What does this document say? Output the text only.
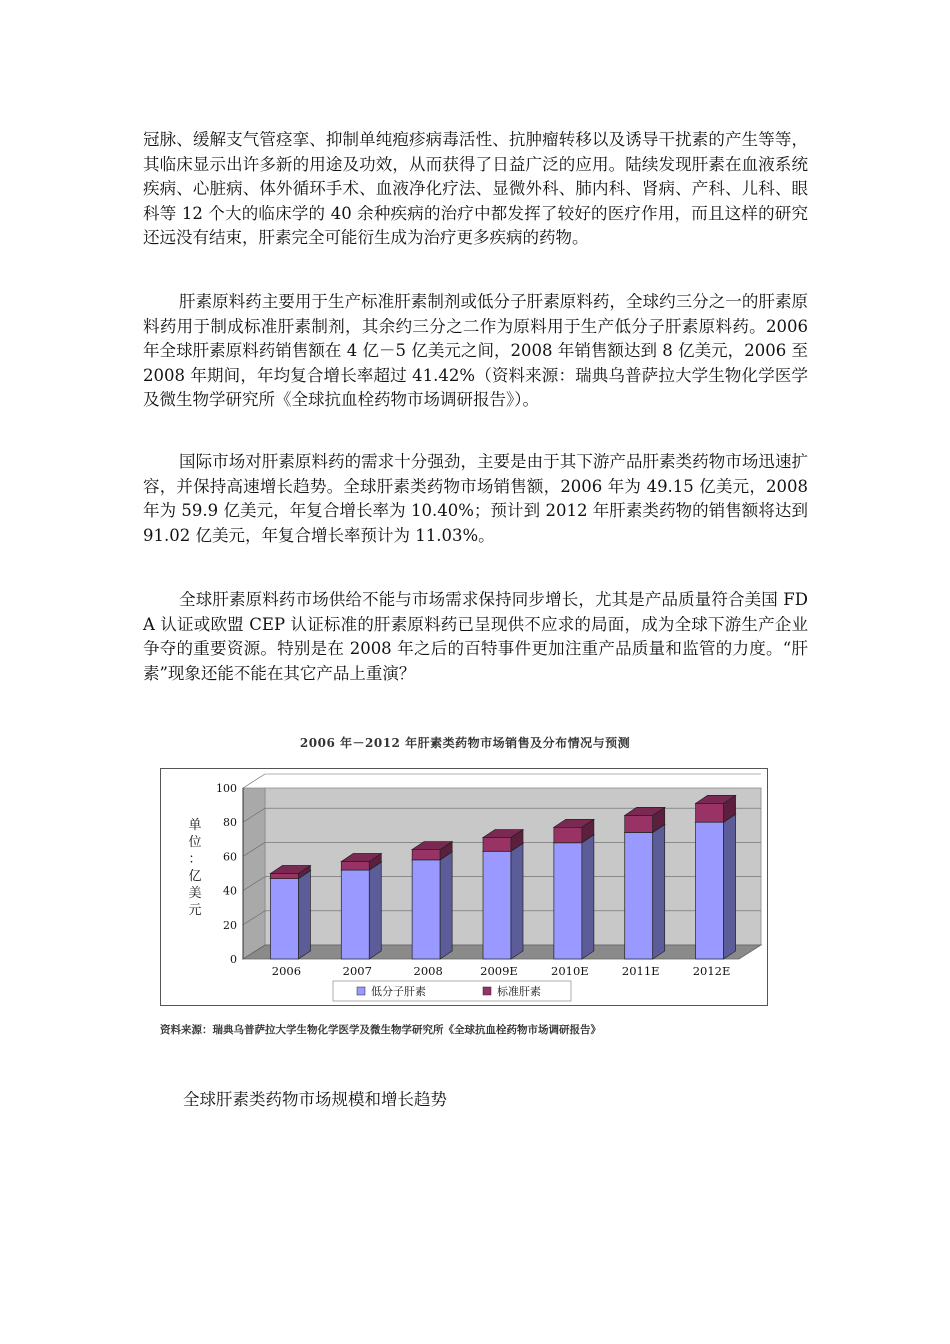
冠脉、缓解支气管痉挛、抑制单纯疱疹病毒活性、抗肿瘤转移以及诱导干扰素的产生等等，其临床显示出许多新的用途及功效，从而获得了日益广泛的应用。陆续发现肝素在血液系统疾病、心脏病、体外循环手术、血液净化疗法、显微外科、肺内科、肾病、产科、儿科、眼科等 12 个大的临床学的 40 余种疾病的治疗中都发挥了较好的医疗作用，而且这样的研究还远没有结束，肝素完全可能衍生成为治疗更多疾病的药物。

肝素原料药主要用于生产标准肝素制剂或低分子肝素原料药，全球约三分之一的肝素原料药用于制成标准肝素制剂，其余约三分之二作为原料用于生产低分子肝素原料药。2006 年全球肝素原料药销售额在 4 亿－5 亿美元之间，2008 年销售额达到 8 亿美元，2006 至 2008 年期间，年均复合增长率超过 41.42%（资料来源：瑞典乌普萨拉大学生物化学医学及微生物学研究所《全球抗血栓药物市场调研报告》）。

国际市场对肝素原料药的需求十分强劲，主要是由于其下游产品肝素类药物市场迅速扩容，并保持高速增长趋势。全球肝素类药物市场销售额，2006 年为 49.15 亿美元，2008 年为 59.9 亿美元，年复合增长率为 10.40%；预计到 2012 年肝素类药物的销售额将达到 91.02 亿美元，年复合增长率预计为 11.03%。

全球肝素原料药市场供给不能与市场需求保持同步增长，尤其是产品质量符合美国 FDA 认证或欧盟 CEP 认证标准的肝素原料药已呈现供不应求的局面，成为全球下游生产企业争夺的重要资源。特别是在 2008 年之后的百特事件更加注重产品质量和监管的力度。“肝素”现象还能不能在其它产品上重演？

2006 年－2012 年肝素类药物市场销售及分布情况与预测
0
20
40
60
80
100
单
位
：
亿
美
元
2006	2007	2008	2009E	2010E	2011E	2012E
低分子肝素	标准肝素
资料来源：瑞典乌普萨拉大学生物化学医学及微生物学研究所《全球抗血栓药物市场调研报告》
全球肝素类药物市场规模和增长趋势
